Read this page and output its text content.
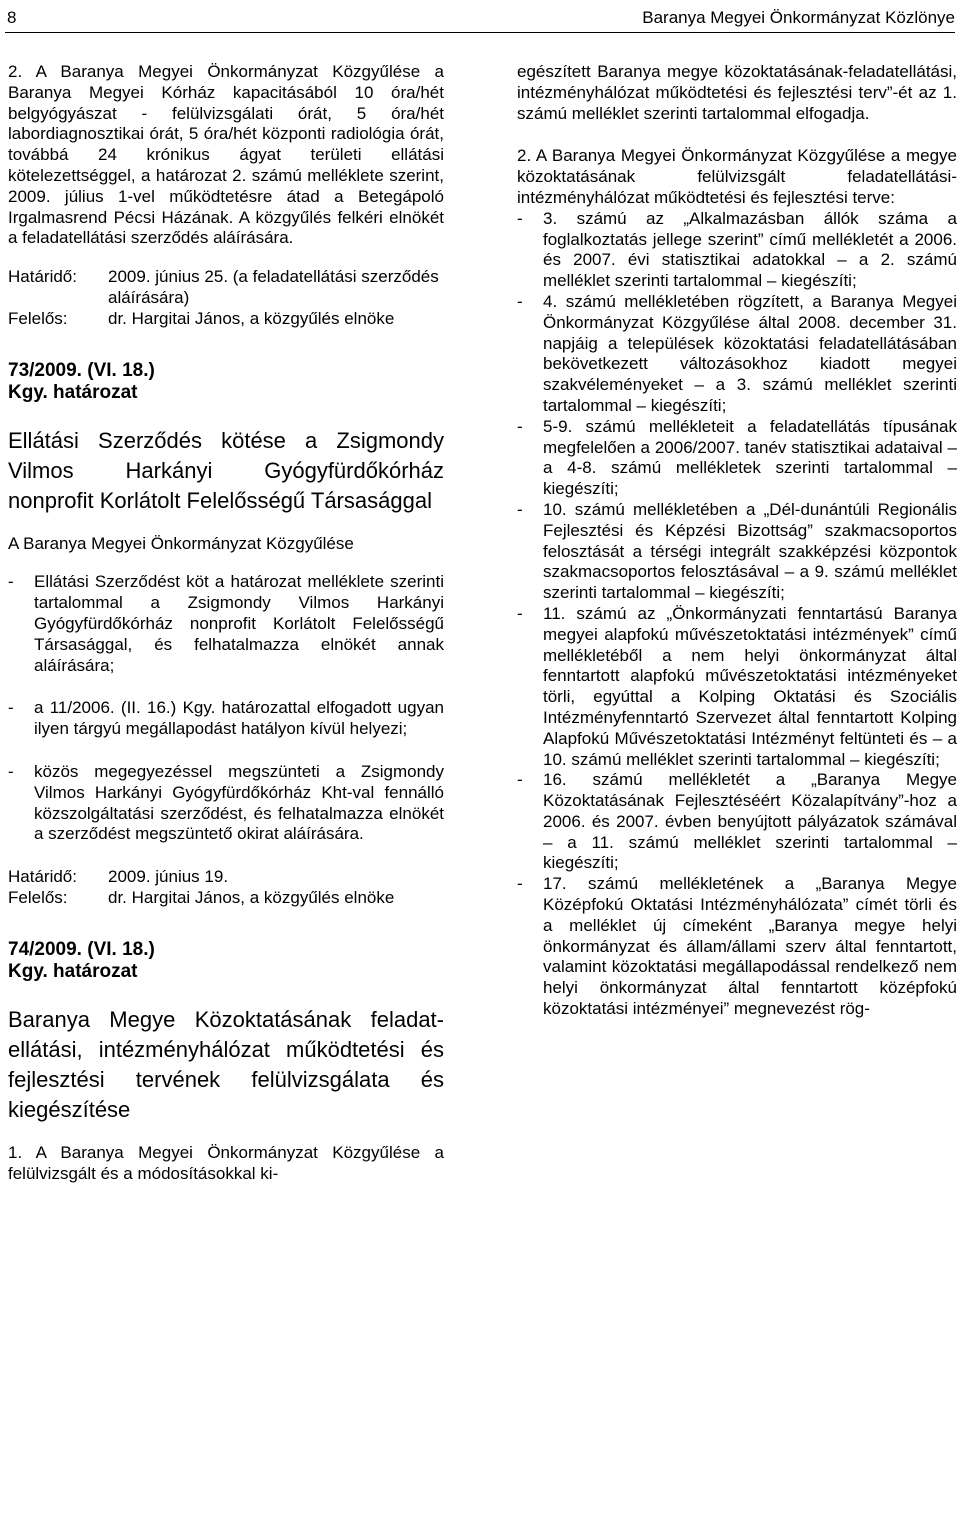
8	Baranya Megyei Önkormányzat Közlönye

2. A Baranya Megyei Önkormányzat Közgyűlése a Baranya Megyei Kórház kapacitásából 10 óra/hét belgyógyászat - felülvizsgálati órát, 5 óra/hét labordiagnosztikai órát, 5 óra/hét központi radiológia órát, továbbá 24 krónikus ágyat területi ellátási kötelezettséggel, a határozat 2. számú melléklete szerint, 2009. július 1-vel működtetésre átad a Betegápoló Irgalmasrend Pécsi Házának. A közgyűlés felkéri elnökét a feladatellátási szerződés aláírására.

Határidő:	2009. június 25. (a feladatellátási szerződés aláírására)
Felelős:	dr. Hargitai János, a közgyűlés elnöke

73/2009. (VI. 18.)

Kgy. határozat

Ellátási Szerződés kötése a Zsigmondy Vilmos Harkányi Gyógyfürdőkórház nonprofit Korlátolt Felelősségű Társasággal

A Baranya Megyei Önkormányzat Közgyűlése

-	Ellátási Szerződést köt a határozat melléklete szerinti tartalommal a Zsigmondy Vilmos Harkányi Gyógyfürdőkórház nonprofit Korlátolt Felelősségű Társasággal, és felhatalmazza elnökét annak aláírására;
-	a 11/2006. (II. 16.) Kgy. határozattal elfogadott ugyan ilyen tárgyú megállapodást hatályon kívül helyezi;
-	közös megegyezéssel megszünteti a Zsigmondy Vilmos Harkányi Gyógyfürdőkórház Kht-val fennálló közszolgáltatási szerződést, és felhatalmazza elnökét a szerződést megszüntető okirat aláírására.
Határidő:	2009. június 19.
Felelős:	dr. Hargitai János, a közgyűlés elnöke

74/2009. (VI. 18.)

Kgy. határozat

Baranya Megye Közoktatásának feladat-ellátási, intézményhálózat működtetési és fejlesztési tervének felülvizsgálata és kiegészítése

1. A Baranya Megyei Önkormányzat Közgyűlése a felülvizsgált és a módosításokkal ki-

egészített Baranya megye közoktatásának-feladatellátási, intézményhálózat működtetési és fejlesztési terv”-ét az 1. számú melléklet szerinti tartalommal elfogadja.

2. A Baranya Megyei Önkormányzat Közgyűlése a megye közoktatásának felülvizsgált feladatellátási-intézményhálózat működtetési és fejlesztési terve:

-	3. számú az „Alkalmazásban állók száma a foglalkoztatás jellege szerint” című mellékletét a 2006. és 2007. évi statisztikai adatokkal – a 2. számú melléklet szerinti tartalommal – kiegészíti;
-	4. számú mellékletében rögzített, a Baranya Megyei Önkormányzat Közgyűlése által 2008. december 31. napjáig a települések közoktatási feladatellátásában bekövetkezett változásokhoz kiadott megyei szakvéleményeket – a 3. számú melléklet szerinti tartalommal – kiegészíti;
-	5-9. számú mellékleteit a feladatellátás típusának megfelelően a 2006/2007. tanév statisztikai adataival – a 4-8. számú mellékletek szerinti tartalommal – kiegészíti;
-	10. számú mellékletében a „Dél-dunántúli Regionális Fejlesztési és Képzési Bizottság” szakmacsoportos felosztását a térségi integrált szakképzési központok szakmacsoportos felosztásával – a 9. számú melléklet szerinti tartalommal – kiegészíti;
-	11. számú az „Önkormányzati fenntartású Baranya megyei alapfokú művészetoktatási intézmények” című mellékletéből a nem helyi önkormányzat által fenntartott alapfokú művészetoktatási intézményeket törli, egyúttal a Kolping Oktatási és Szociális Intézményfenntartó Szervezet által fenntartott Kolping Alapfokú Művészetoktatási Intézményt feltünteti és – a 10. számú melléklet szerinti tartalommal – kiegészíti;
-	16. számú mellékletét a „Baranya Megye Közoktatásának Fejlesztéséért Közalapítvány”-hoz a 2006. és 2007. évben benyújtott pályázatok számával – a 11. számú melléklet szerinti tartalommal – kiegészíti;
-	17. számú mellékletének a „Baranya Megye Középfokú Oktatási Intézményhálózata” címét törli és a melléklet új címeként „Baranya megye helyi önkormányzat és állam/állami szerv által fenntartott, valamint közoktatási megállapodással rendelkező nem helyi önkormányzat által fenntartott középfokú közoktatási intézményei” megnevezést rög-
